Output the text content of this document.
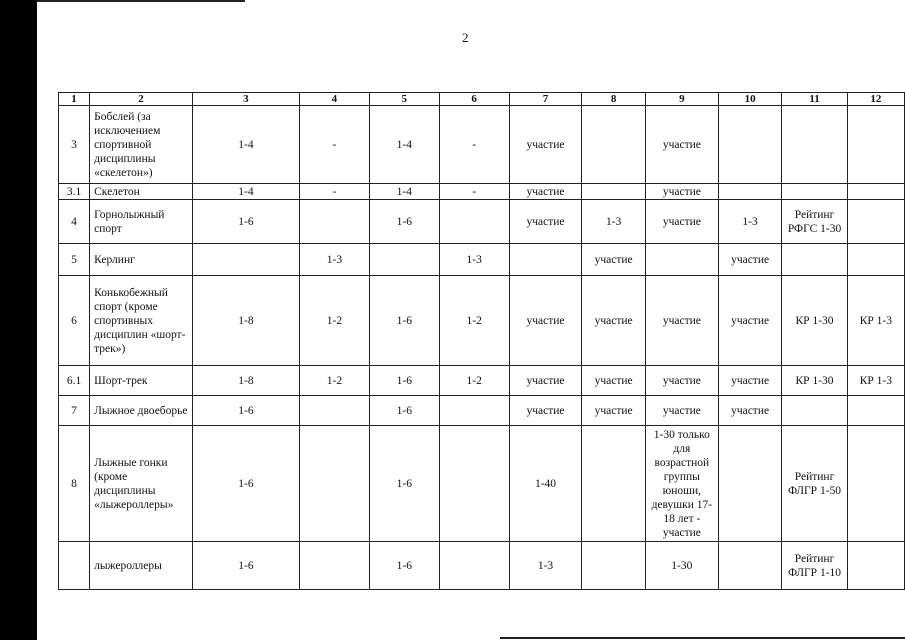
2
1	2	3	4	5	6	7	8	9	10	11	12
3	Бобслей (за исключением спортивной дисциплины «скелетон»)	1-4	-	1-4	-	участие		участие			
3.1	Скелетон	1-4	-	1-4	-	участие		участие			
4	Горнолыжный спорт	1-6		1-6		участие	1-3	участие	1-3	Рейтинг РФГС 1-30	
5	Керлинг		1-3		1-3		участие		участие		
6	Конькобежный спорт (кроме спортивных дисциплин «шорт-трек»)	1-8	1-2	1-6	1-2	участие	участие	участие	участие	КР 1-30	КР 1-3
6.1	Шорт-трек	1-8	1-2	1-6	1-2	участие	участие	участие	участие	КР 1-30	КР 1-3
7	Лыжное двоеборье	1-6		1-6		участие	участие	участие	участие		
8	Лыжные гонки (кроме дисциплины «лыжероллеры»	1-6		1-6		1-40		1-30 только для возрастной группы юноши, девушки 17-18 лет - участие		Рейтинг ФЛГР 1-50	
	лыжероллеры	1-6		1-6		1-3		1-30		Рейтинг ФЛГР 1-10	
